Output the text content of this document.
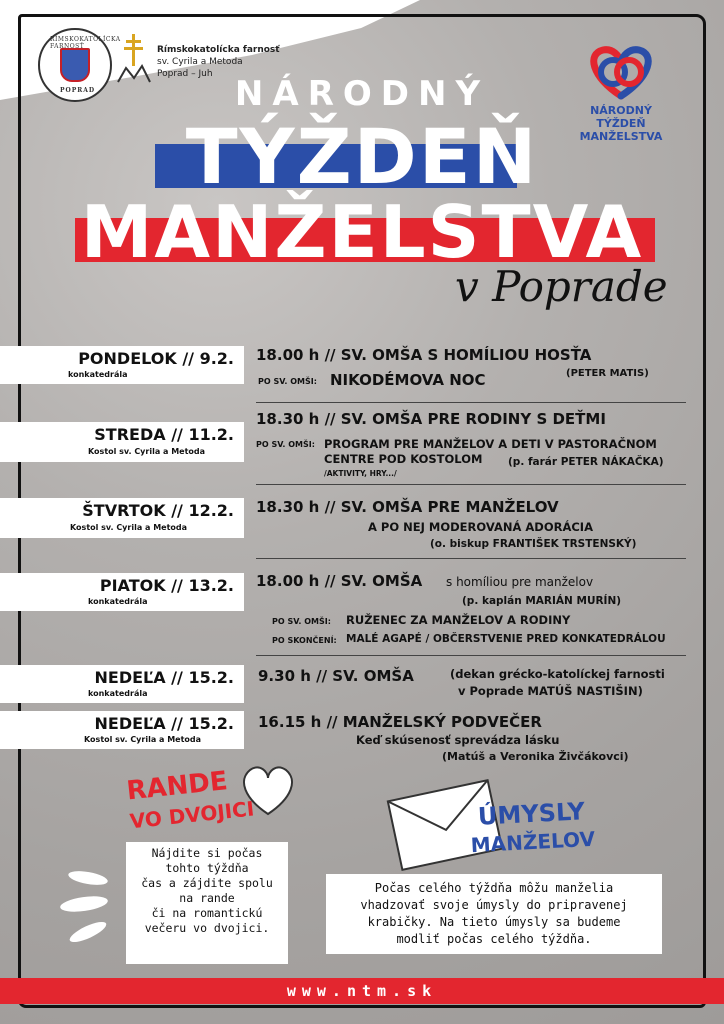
RÍMSKOKATOLÍCKA FARNOSŤ
POPRAD
Rímskokatolícka farnosť
sv. Cyrila a Metoda
Poprad – Juh
NÁRODNÝ TÝŽDEŇ
MANŽELSTVA
NÁRODNÝ
TÝŽDEŇ
MANŽELSTVA
v Poprade
PONDELOK // 9.2.
konkatedrála
18.00 h // SV. OMŠA S HOMÍLIOU HOSŤA
(PETER MATIS)
PO SV. OMŠI: NIKODÉMOVA NOC
STREDA // 11.2.
Kostol sv. Cyrila a Metoda
18.30 h // SV. OMŠA PRE RODINY S DEŤMI
PO SV. OMŠI: PROGRAM PRE MANŽELOV A DETI V PASTORAČNOM
CENTRE POD KOSTOLOM (p. farár PETER NÁKAČKA)
/AKTIVITY, HRY.../
ŠTVRTOK // 12.2.
Kostol sv. Cyrila a Metoda
18.30 h // SV. OMŠA PRE MANŽELOV
A PO NEJ MODEROVANÁ ADORÁCIA
(o. biskup FRANTIŠEK TRSTENSKÝ)
PIATOK // 13.2.
konkatedrála
18.00 h // SV. OMŠA s homíliou pre manželov
(p. kaplán MARIÁN MURÍN)
PO SV. OMŠI: RUŽENEC ZA MANŽELOV A RODINY
PO SKONČENÍ: MALÉ AGAPÉ / OBČERSTVENIE PRED KONKATEDRÁLOU
NEDEĽA // 15.2.
konkatedrála
9.30 h // SV. OMŠA	(dekan grécko-katolíckej farnosti
v Poprade MATÚŠ NASTIŠIN)
NEDEĽA // 15.2.
Kostol sv. Cyrila a Metoda
16.15 h // MANŽELSKÝ PODVEČER
Keď skúsenosť sprevádza lásku
(Matúš a Veronika Živčákovci)
RANDE
VO DVOJICI
Nájdite si počas
tohto týždňa
čas a zájdite spolu
na rande
či na romantickú
večeru vo dvojici.
ÚMYSLY
MANŽELOV
Počas celého týždňa môžu manželia
vhadzovať svoje úmysly do pripravenej
krabičky. Na tieto úmysly sa budeme
modliť počas celého týždňa.
www.ntm.sk
